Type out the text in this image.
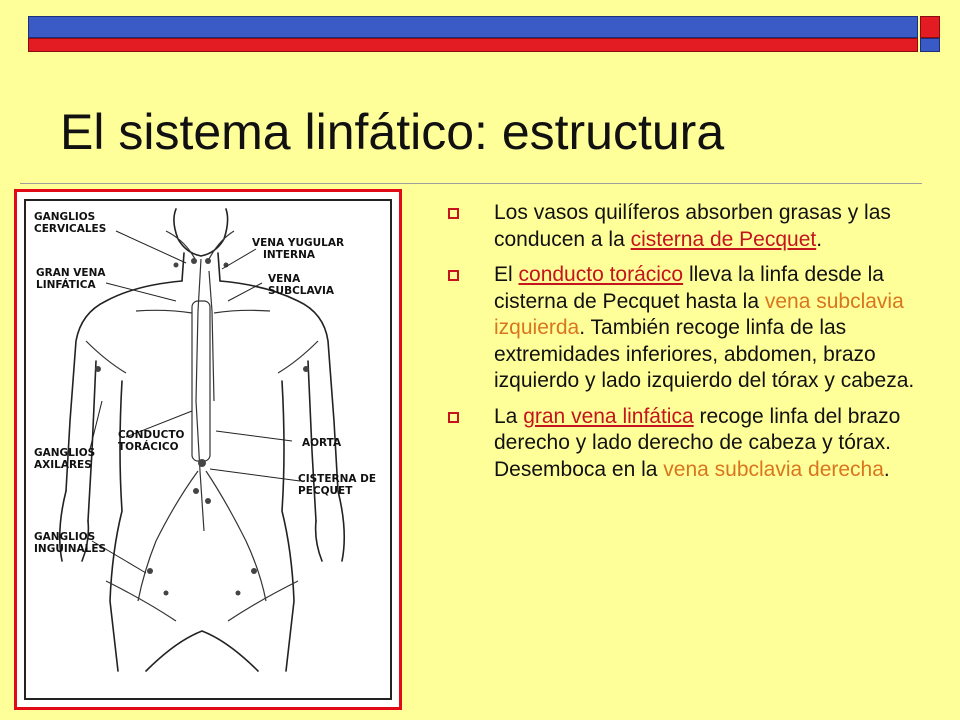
El sistema linfático: estructura
GANGLIOS
CERVICALES
GRAN VENA
LINFÁTICA
VENA YUGULAR
INTERNA
VENA
SUBCLAVIA
CONDUCTO
TORÁCICO	AORTA
GANGLIOS
AXILARES
CISTERNA DE
PECQUET
GANGLIOS
INGUINALES
Los vasos quilíferos absorben grasas y las conducen a la cisterna de Pecquet.
El conducto torácico lleva la linfa desde la cisterna de Pecquet hasta la vena subclavia izquierda. También recoge linfa de las extremidades inferiores, abdomen, brazo izquierdo y lado izquierdo del tórax y cabeza.
La gran vena linfática recoge linfa del brazo derecho y lado derecho de cabeza y tórax. Desemboca en la vena subclavia derecha.
